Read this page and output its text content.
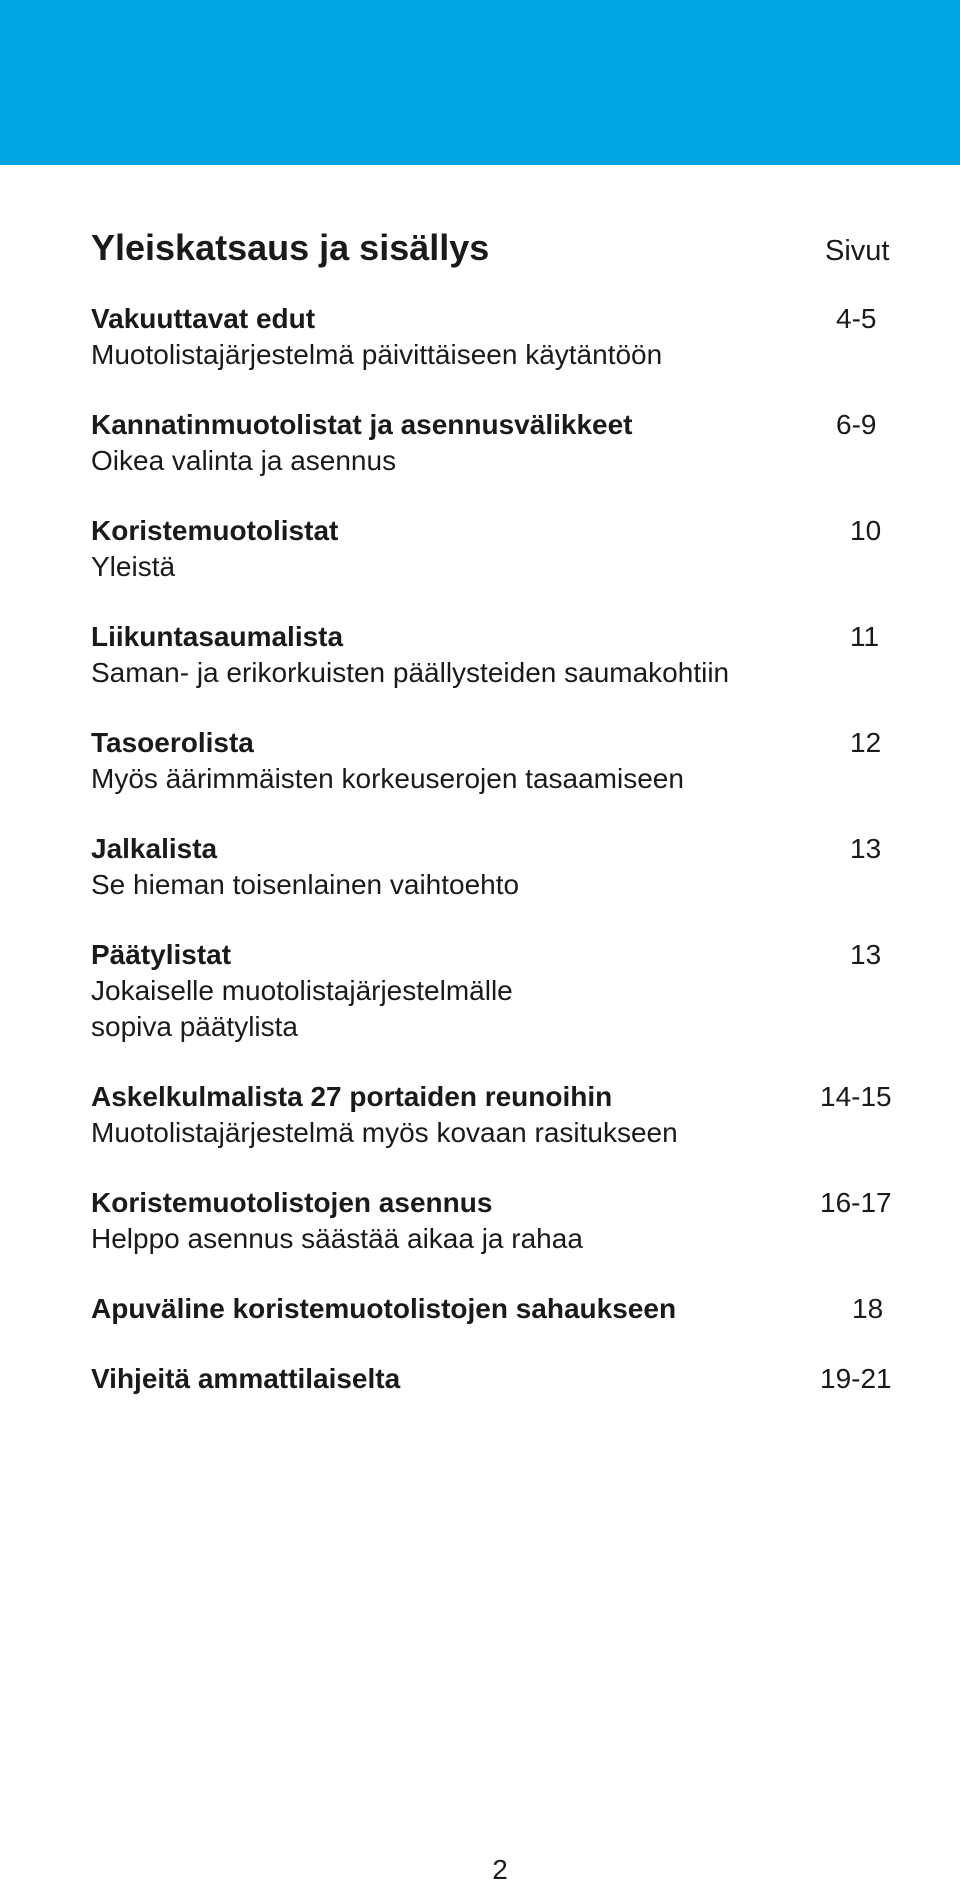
Yleiskatsaus ja sisällys	Sivut
Vakuuttavat edut	4-5
Muotolistajärjestelmä päivittäiseen käytäntöön
Kannatinmuotolistat ja asennusvälikkeet	6-9
Oikea valinta ja asennus
Koristemuotolistat	10
Yleistä
Liikuntasaumalista	11
Saman- ja erikorkuisten päällysteiden saumakohtiin
Tasoerolista	12
Myös äärimmäisten korkeuserojen tasaamiseen
Jalkalista	13
Se hieman toisenlainen vaihtoehto
Päätylistat	13
Jokaiselle muotolistajärjestelmälle
sopiva päätylista
Askelkulmalista 27 portaiden reunoihin	14-15
Muotolistajärjestelmä myös kovaan rasitukseen
Koristemuotolistojen asennus	16-17
Helppo asennus säästää aikaa ja rahaa
Apuväline koristemuotolistojen sahaukseen	18
Vihjeitä ammattilaiselta	19-21
2
